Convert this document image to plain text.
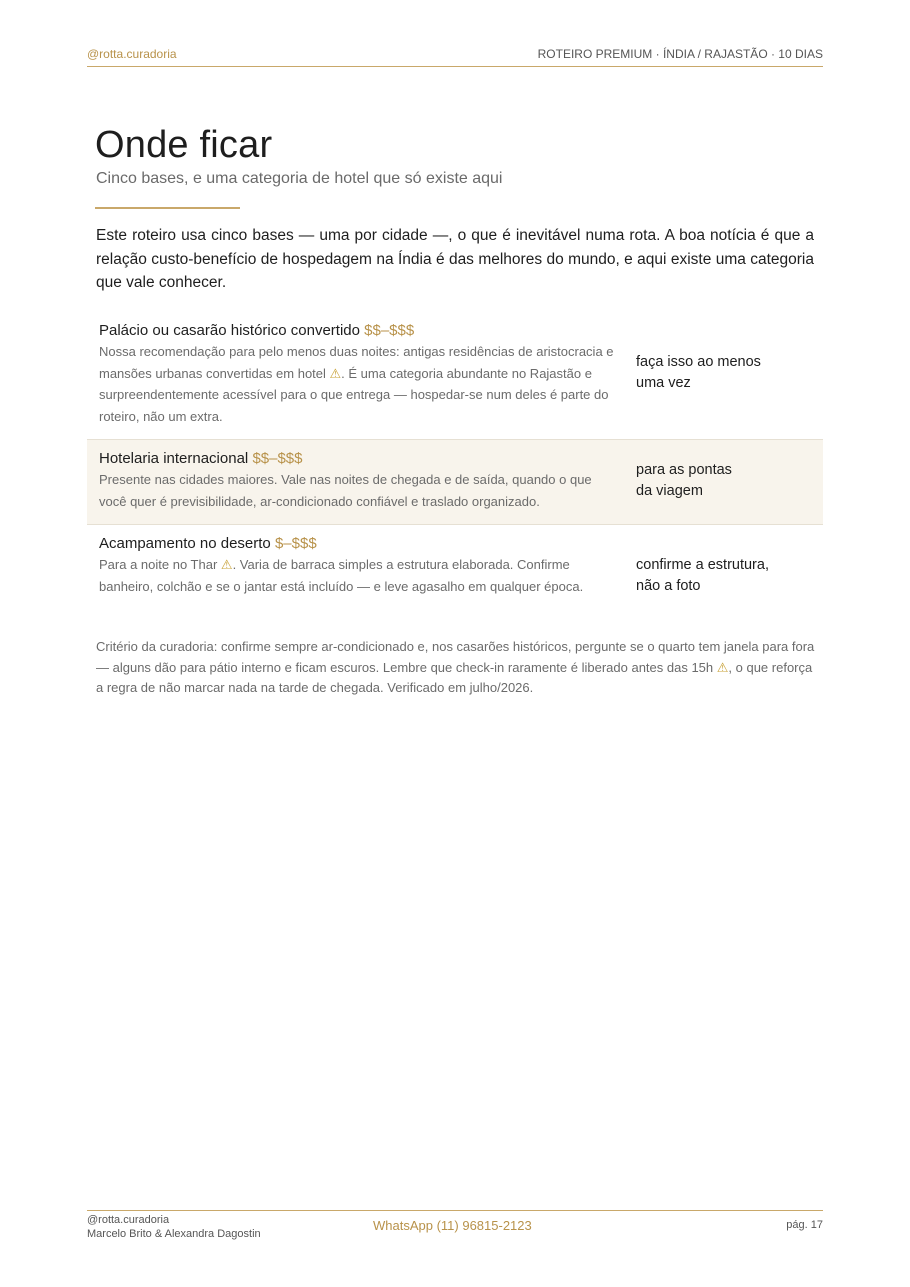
@rotta.curadoria	ROTEIRO PREMIUM · ÍNDIA / RAJASTÃO · 10 DIAS
Onde ficar
Cinco bases, e uma categoria de hotel que só existe aqui

Este roteiro usa cinco bases — uma por cidade —, o que é inevitável numa rota. A boa notícia é que a relação custo-benefício de hospedagem na Índia é das melhores do mundo, e aqui existe uma categoria que vale conhecer.

Palácio ou casarão histórico convertido $$–$$$
Nossa recomendação para pelo menos duas noites: antigas residências de aristocracia e mansões urbanas convertidas em hotel ⚠. É uma categoria abundante no Rajastão e surpreendentemente acessível para o que entrega — hospedar-se num deles é parte do roteiro, não um extra.
faça isso ao menos
uma vez
Hotelaria internacional $$–$$$
Presente nas cidades maiores. Vale nas noites de chegada e de saída, quando o que você quer é previsibilidade, ar-condicionado confiável e traslado organizado.
para as pontas
da viagem
Acampamento no deserto $–$$$
Para a noite no Thar ⚠. Varia de barraca simples a estrutura elaborada. Confirme banheiro, colchão e se o jantar está incluído — e leve agasalho em qualquer época.
confirme a estrutura,
não a foto

Critério da curadoria: confirme sempre ar-condicionado e, nos casarões históricos, pergunte se o quarto tem janela para fora — alguns dão para pátio interno e ficam escuros. Lembre que check-in raramente é liberado antes das 15h ⚠, o que reforça a regra de não marcar nada na tarde de chegada. Verificado em julho/2026.

@rotta.curadoria
Marcelo Brito & Alexandra Dagostin
WhatsApp (11) 96815-2123	pág. 17
